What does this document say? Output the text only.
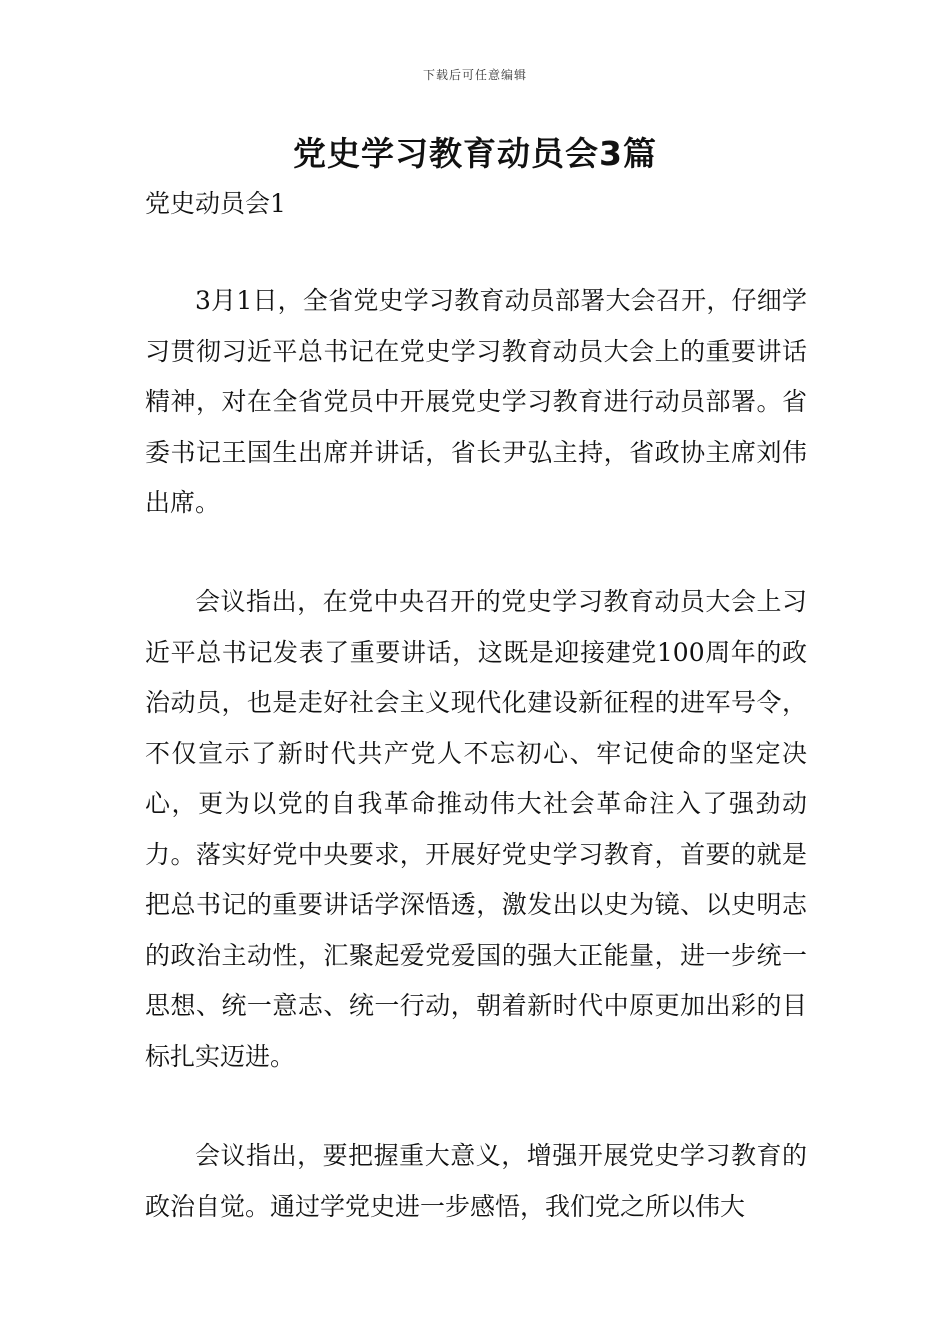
下载后可任意编辑
党史学习教育动员会3篇
党史动员会1

3月1日，全省党史学习教育动员部署大会召开，仔细学习贯彻习近平总书记在党史学习教育动员大会上的重要讲话精神，对在全省党员中开展党史学习教育进行动员部署。省委书记王国生出席并讲话，省长尹弘主持，省政协主席刘伟出席。

会议指出，在党中央召开的党史学习教育动员大会上习近平总书记发表了重要讲话，这既是迎接建党100周年的政治动员，也是走好社会主义现代化建设新征程的进军号令，不仅宣示了新时代共产党人不忘初心、牢记使命的坚定决心，更为以党的自我革命推动伟大社会革命注入了强劲动力。落实好党中央要求，开展好党史学习教育，首要的就是把总书记的重要讲话学深悟透，激发出以史为镜、以史明志的政治主动性，汇聚起爱党爱国的强大正能量，进一步统一思想、统一意志、统一行动，朝着新时代中原更加出彩的目标扎实迈进。

会议指出，要把握重大意义，增强开展党史学习教育的政治自觉。通过学党史进一步感悟，我们党之所以伟大
